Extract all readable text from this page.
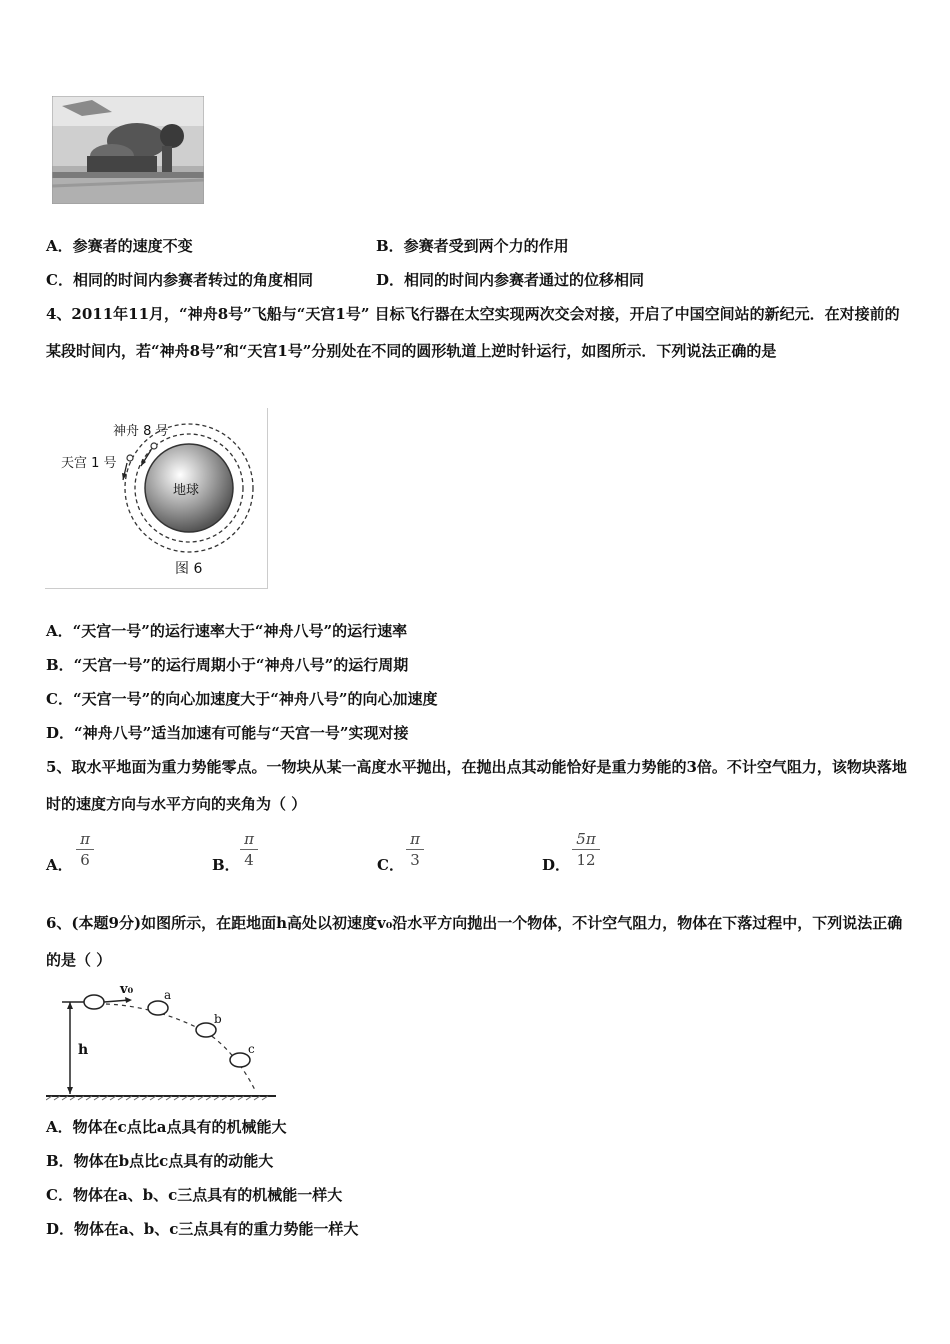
A．参赛者的速度不变	B．参赛者受到两个力的作用
C．相同的时间内参赛者转过的角度相同	D．相同的时间内参赛者通过的位移相同
4、2011年11月，“神舟8号”飞船与“天宫1号” 目标飞行器在太空实现两次交会对接，开启了中国空间站的新纪元．在对接前的某段时间内，若“神舟8号”和“天宫1号”分别处在不同的圆形轨道上逆时针运行，如图所示．下列说法正确的是
神舟 8 号
天宫 1 号
地球
图 6
A．“天宫一号”的运行速率大于“神舟八号”的运行速率
B．“天宫一号”的运行周期小于“神舟八号”的运行周期
C．“天宫一号”的向心加速度大于“神舟八号”的向心加速度
D．“神舟八号”适当加速有可能与“天宫一号”实现对接
5、取水平地面为重力势能零点。一物块从某一高度水平抛出，在抛出点其动能恰好是重力势能的3倍。不计空气阻力，该物块落地时的速度方向与水平方向的夹角为（ ）
A．
π
6	B．
π
4	C．
π
3	D．
5π
12
6、(本题9分)如图所示，在距地面h高处以初速度v₀沿水平方向抛出一个物体，不计空气阻力，物体在下落过程中，下列说法正确的是（ ）
v₀	a
b
c
h
A．物体在c点比a点具有的机械能大
B．物体在b点比c点具有的动能大
C．物体在a、b、c三点具有的机械能一样大
D．物体在a、b、c三点具有的重力势能一样大
